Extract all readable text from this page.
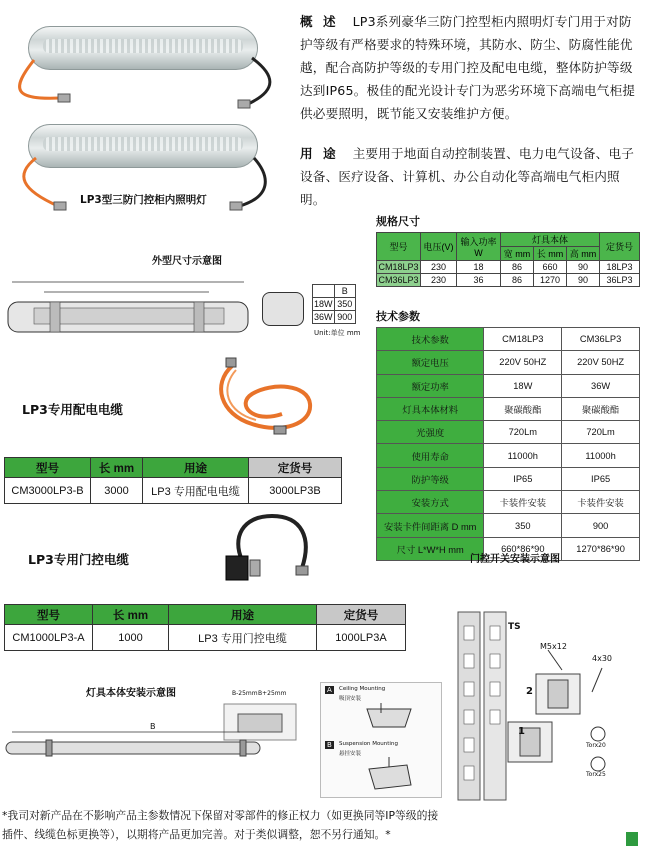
LP3型三防门控柜内照明灯
概 述 LP3系列豪华三防门控型柜内照明灯专门用于对防护等级有严格要求的特殊环境，其防水、防尘、防腐性能优越，配合高防护等级的专用门控及配电电缆，整体防护等级达到IP65。极佳的配光设计专门为恶劣环境下高端电气柜提供必要照明，既节能又安装维护方便。
用 途 主要用于地面自动控制装置、电力电气设备、电子设备、医疗设备、计算机、办公自动化等高端电气柜内照明。
规格尺寸
型号	电压(V)	输入功率 W	灯具本体			定货号
			宽 mm	长 mm	高 mm	
CM18LP3	230	18	86	660	90	18LP3
CM36LP3	230	36	86	1270	90	36LP3
外型尺寸示意图
	B
18W	350
36W	900
Unit:单位 mm
技术参数
技术参数	CM18LP3	CM36LP3
额定电压	220V 50HZ	220V 50HZ
额定功率	18W	36W
灯具本体材料	聚碳酸酯	聚碳酸酯
光强度	720Lm	720Lm
使用寿命	11000h	11000h
防护等级	IP65	IP65
安装方式	卡装件安装	卡装件安装
安装卡件间距离 D mm	350	900
尺寸 L*W*H mm	660*86*90	1270*86*90
LP3专用配电电缆
型号	长 mm	用途	定货号
CM3000LP3-B	3000	LP3 专用配电电缆	3000LP3B
LP3专用门控电缆	门控开关安装示意图
型号	长 mm	用途	定货号
CM1000LP3-A	1000	LP3 专用门控电缆	1000LP3A
TS
M5x12
4x30
2
1
Torx20
Torx25
灯具本体安装示意图	B-25mm B+25mm
B
A	Ceiling Mounting
吸顶安装
B	Suspension Mounting
悬挂安装
*我司对新产品在不影响产品主参数情况下保留对零部件的修正权力（如更换同等IP等级的接插件、线缆色标更换等），以期将产品更加完善。对于类似调整，恕不另行通知。*
